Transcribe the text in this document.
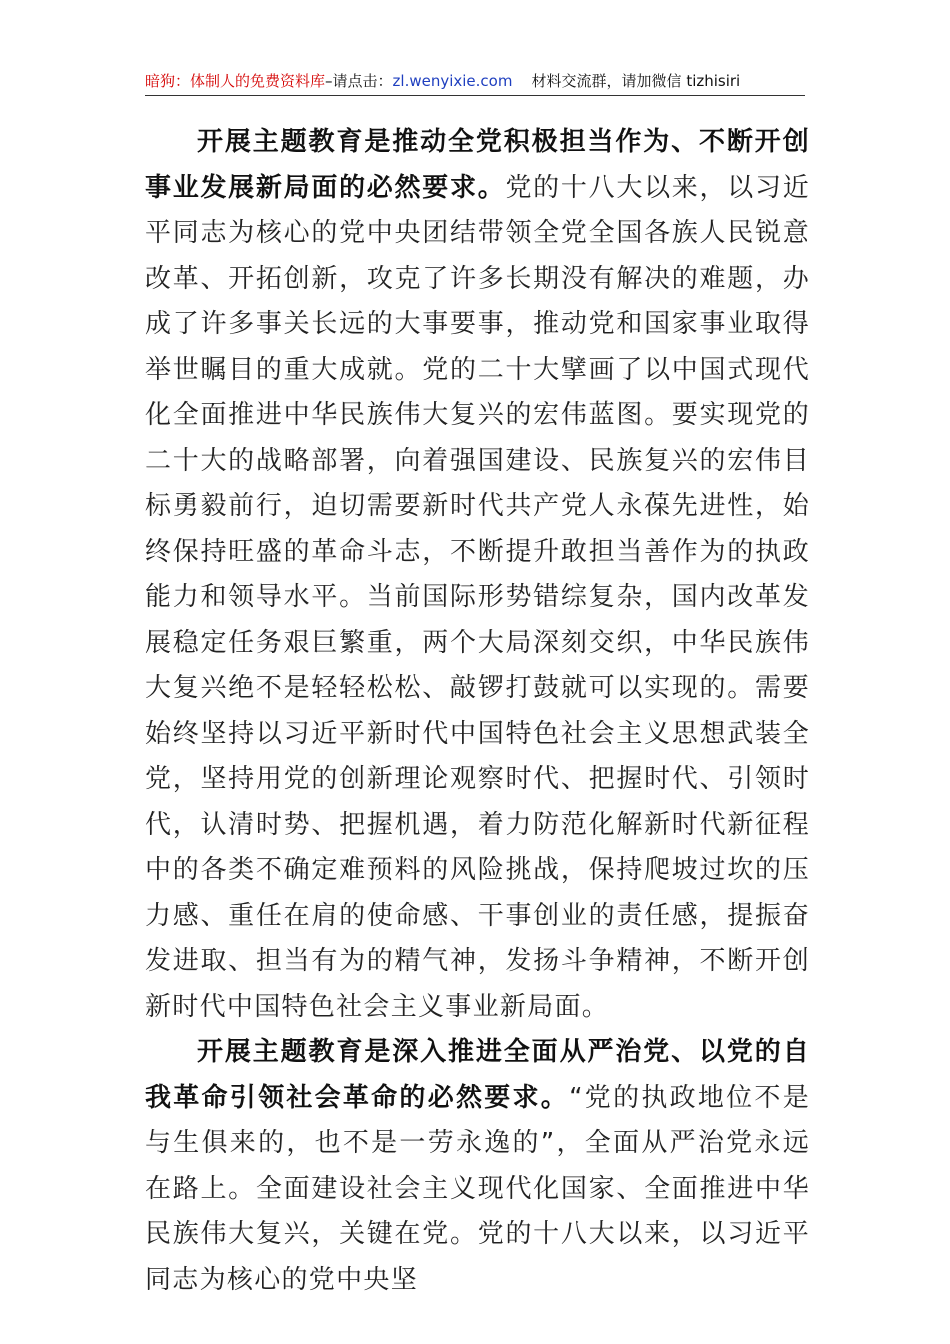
暗狗：体制人的免费资料库–请点击：zl.wenyixie.com 材料交流群，请加微信 tizhisiri

开展主题教育是推动全党积极担当作为、不断开创事业发展新局面的必然要求。党的十八大以来，以习近平同志为核心的党中央团结带领全党全国各族人民锐意改革、开拓创新，攻克了许多长期没有解决的难题，办成了许多事关长远的大事要事，推动党和国家事业取得举世瞩目的重大成就。党的二十大擘画了以中国式现代化全面推进中华民族伟大复兴的宏伟蓝图。要实现党的二十大的战略部署，向着强国建设、民族复兴的宏伟目标勇毅前行，迫切需要新时代共产党人永葆先进性，始终保持旺盛的革命斗志，不断提升敢担当善作为的执政能力和领导水平。当前国际形势错综复杂，国内改革发展稳定任务艰巨繁重，两个大局深刻交织，中华民族伟大复兴绝不是轻轻松松、敲锣打鼓就可以实现的。需要始终坚持以习近平新时代中国特色社会主义思想武装全党，坚持用党的创新理论观察时代、把握时代、引领时代，认清时势、把握机遇，着力防范化解新时代新征程中的各类不确定难预料的风险挑战，保持爬坡过坎的压力感、重任在肩的使命感、干事创业的责任感，提振奋发进取、担当有为的精气神，发扬斗争精神，不断开创新时代中国特色社会主义事业新局面。

开展主题教育是深入推进全面从严治党、以党的自我革命引领社会革命的必然要求。“党的执政地位不是与生俱来的，也不是一劳永逸的”，全面从严治党永远在路上。全面建设社会主义现代化国家、全面推进中华民族伟大复兴，关键在党。党的十八大以来，以习近平同志为核心的党中央坚
